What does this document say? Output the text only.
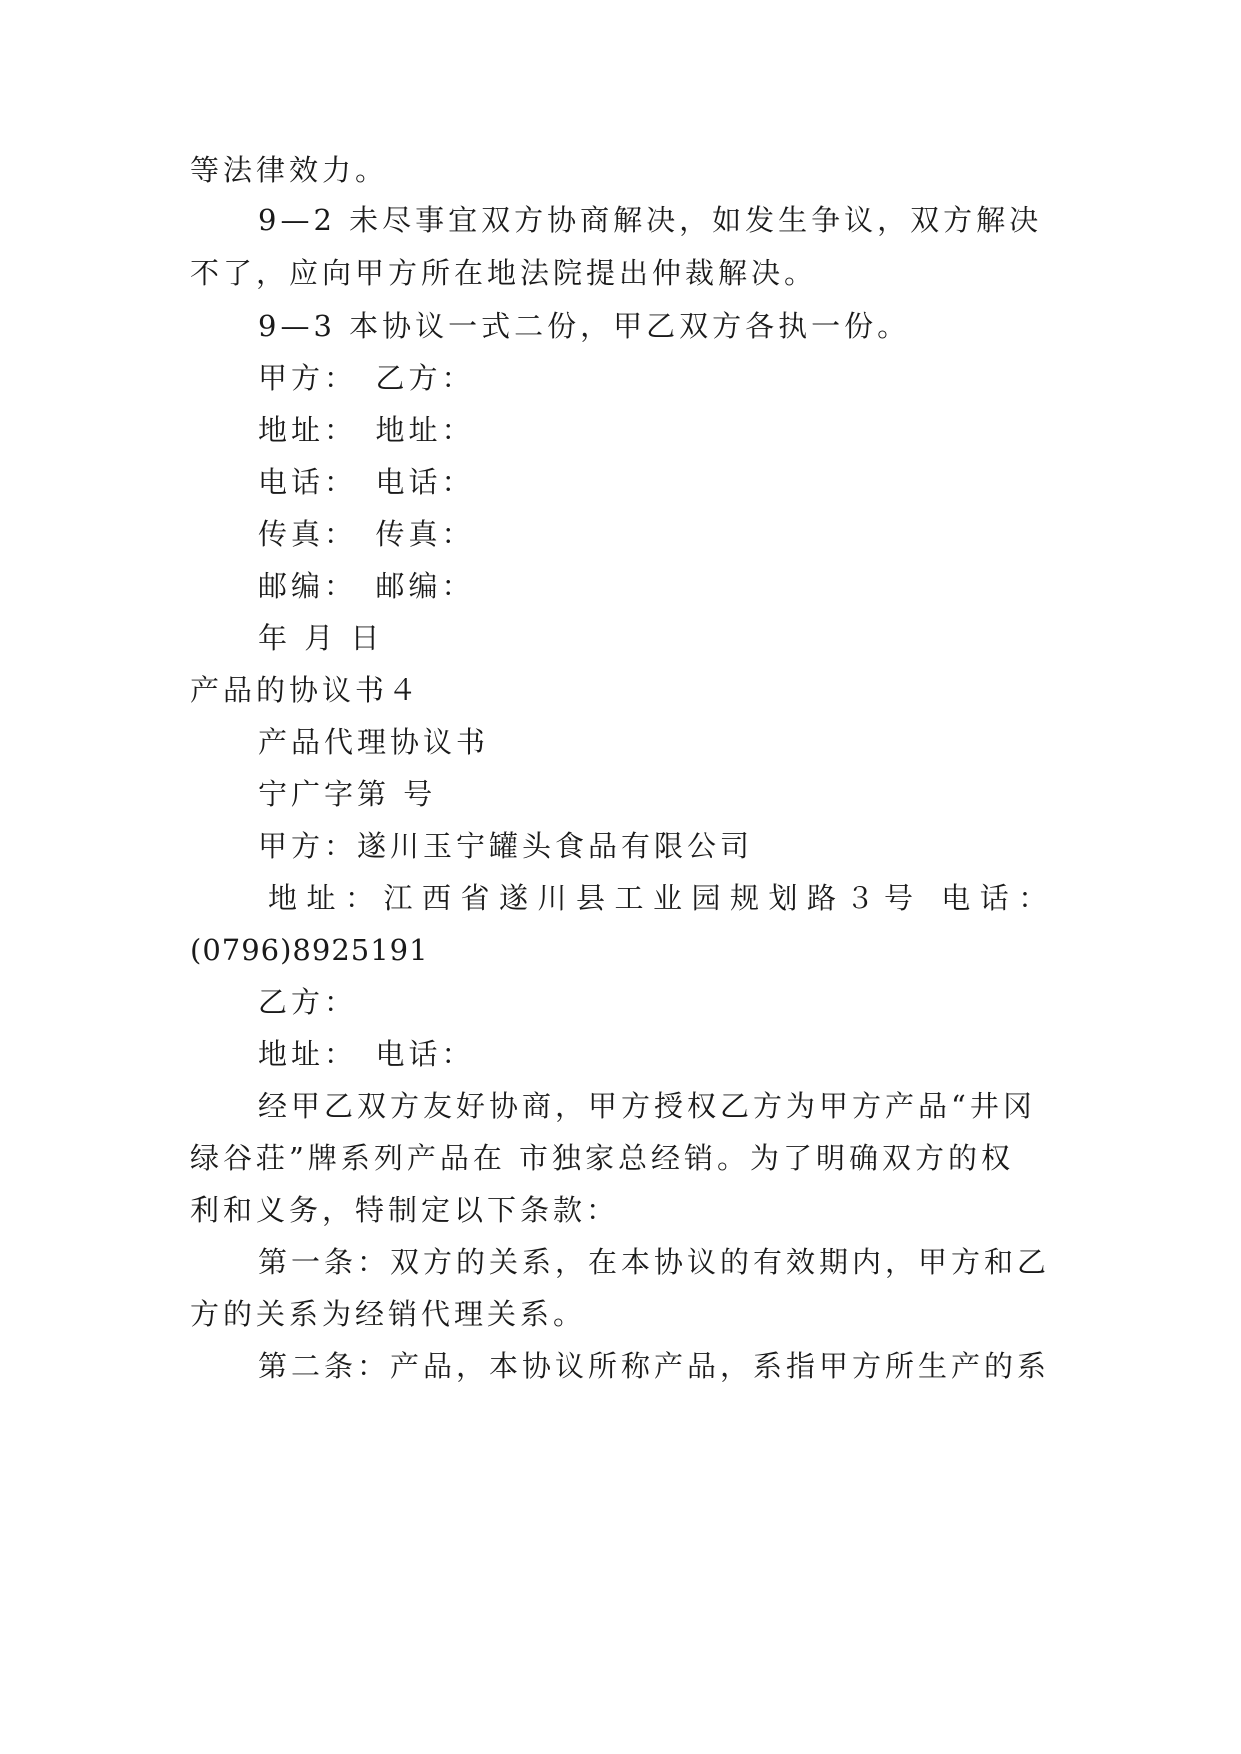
等法律效力。
9—2 未尽事宜双方协商解决，如发生争议，双方解决
不了，应向甲方所在地法院提出仲裁解决。
9—3 本协议一式二份，甲乙双方各执一份。
甲方：　乙方：
地址：　地址：
电话：　电话：
传真：　传真：
邮编：　邮编：
年 月 日
产品的协议书４
产品代理协议书
宁广字第 号
甲方：遂川玉宁罐头食品有限公司
地址：江西省遂川县工业园规划路３号 电话：
(0796)8925191
乙方：
地址：　电话：
经甲乙双方友好协商，甲方授权乙方为甲方产品“井冈
绿谷荘”牌系列产品在 市独家总经销。为了明确双方的权
利和义务，特制定以下条款：
第一条：双方的关系，在本协议的有效期内，甲方和乙
方的关系为经销代理关系。
第二条：产品，本协议所称产品，系指甲方所生产的系
